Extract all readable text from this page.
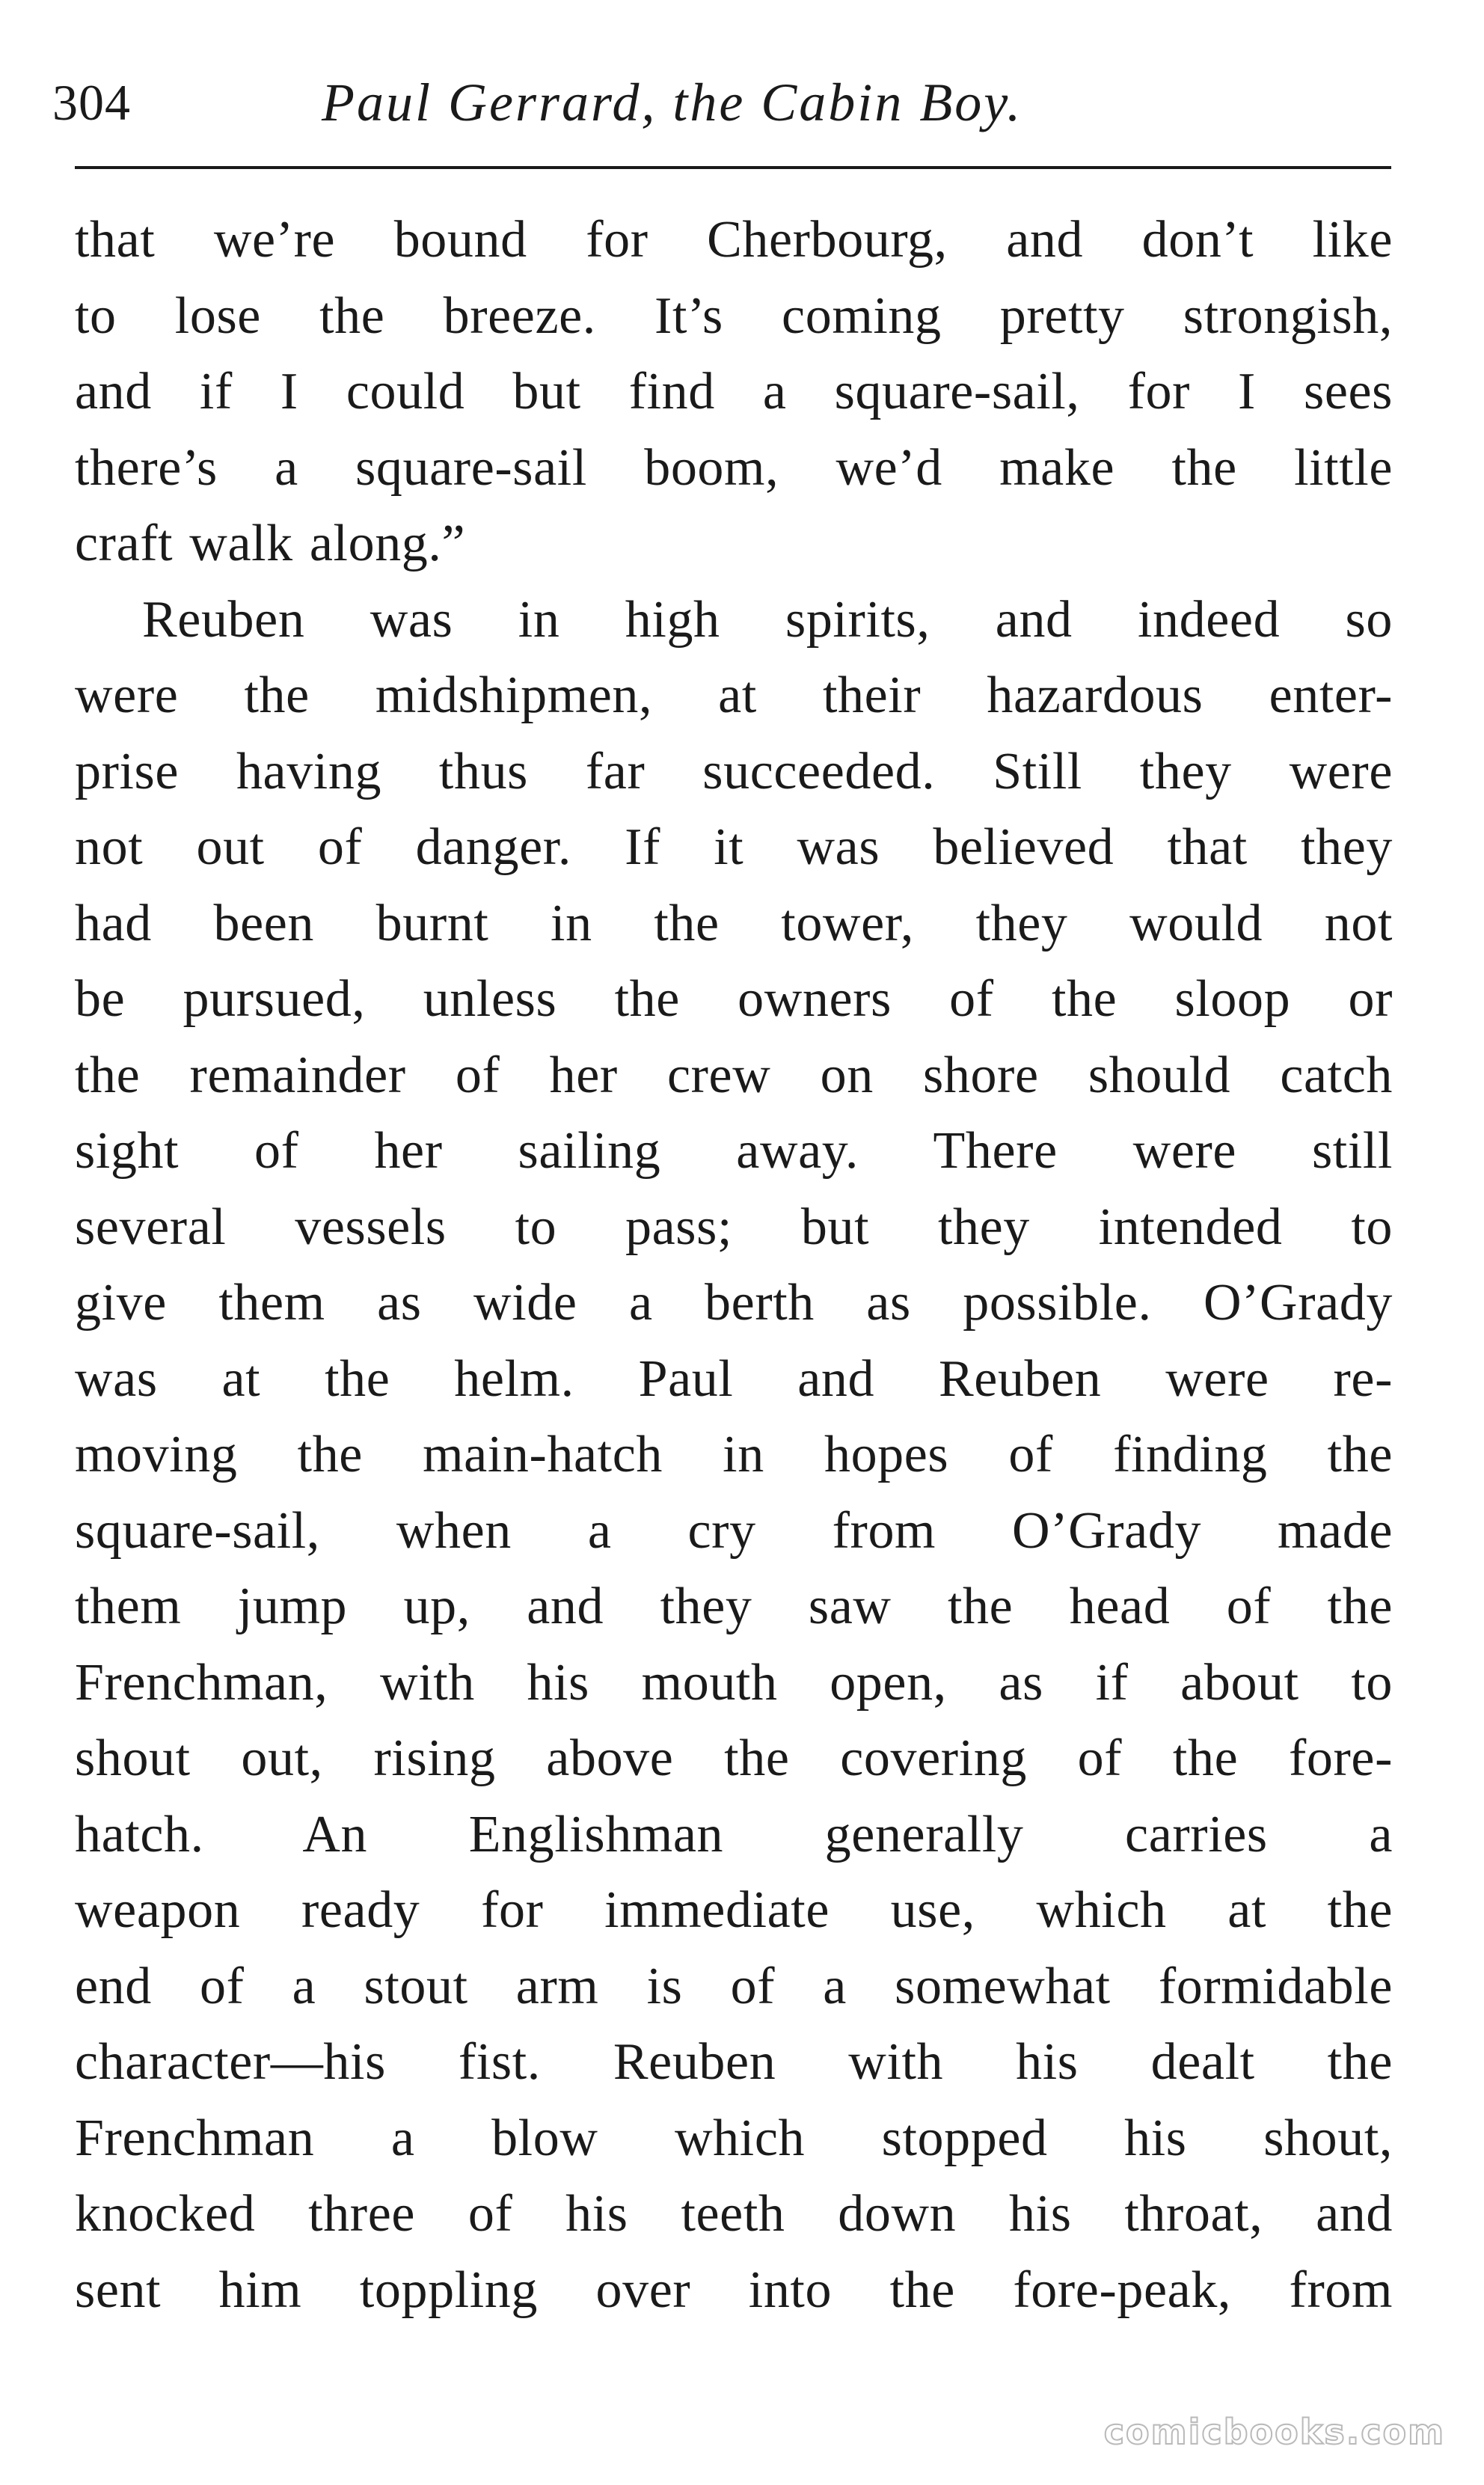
304	Paul Gerrard, the Cabin Boy.
that we’re bound for Cherbourg, and don’t like
to lose the breeze. It’s coming pretty strongish,
and if I could but find a square-sail, for I sees
there’s a square-sail boom, we’d make the little
craft walk along.”
Reuben was in high spirits, and indeed so
were the midshipmen, at their hazardous enter-
prise having thus far succeeded. Still they were
not out of danger. If it was believed that they
had been burnt in the tower, they would not
be pursued, unless the owners of the sloop or
the remainder of her crew on shore should catch
sight of her sailing away. There were still
several vessels to pass; but they intended to
give them as wide a berth as possible. O’Grady
was at the helm. Paul and Reuben were re-
moving the main-hatch in hopes of finding the
square-sail, when a cry from O’Grady made
them jump up, and they saw the head of the
Frenchman, with his mouth open, as if about to
shout out, rising above the covering of the fore-
hatch. An Englishman generally carries a
weapon ready for immediate use, which at the
end of a stout arm is of a somewhat formidable
character—his fist. Reuben with his dealt the
Frenchman a blow which stopped his shout,
knocked three of his teeth down his throat, and
sent him toppling over into the fore-peak, from
comicbooks.com
